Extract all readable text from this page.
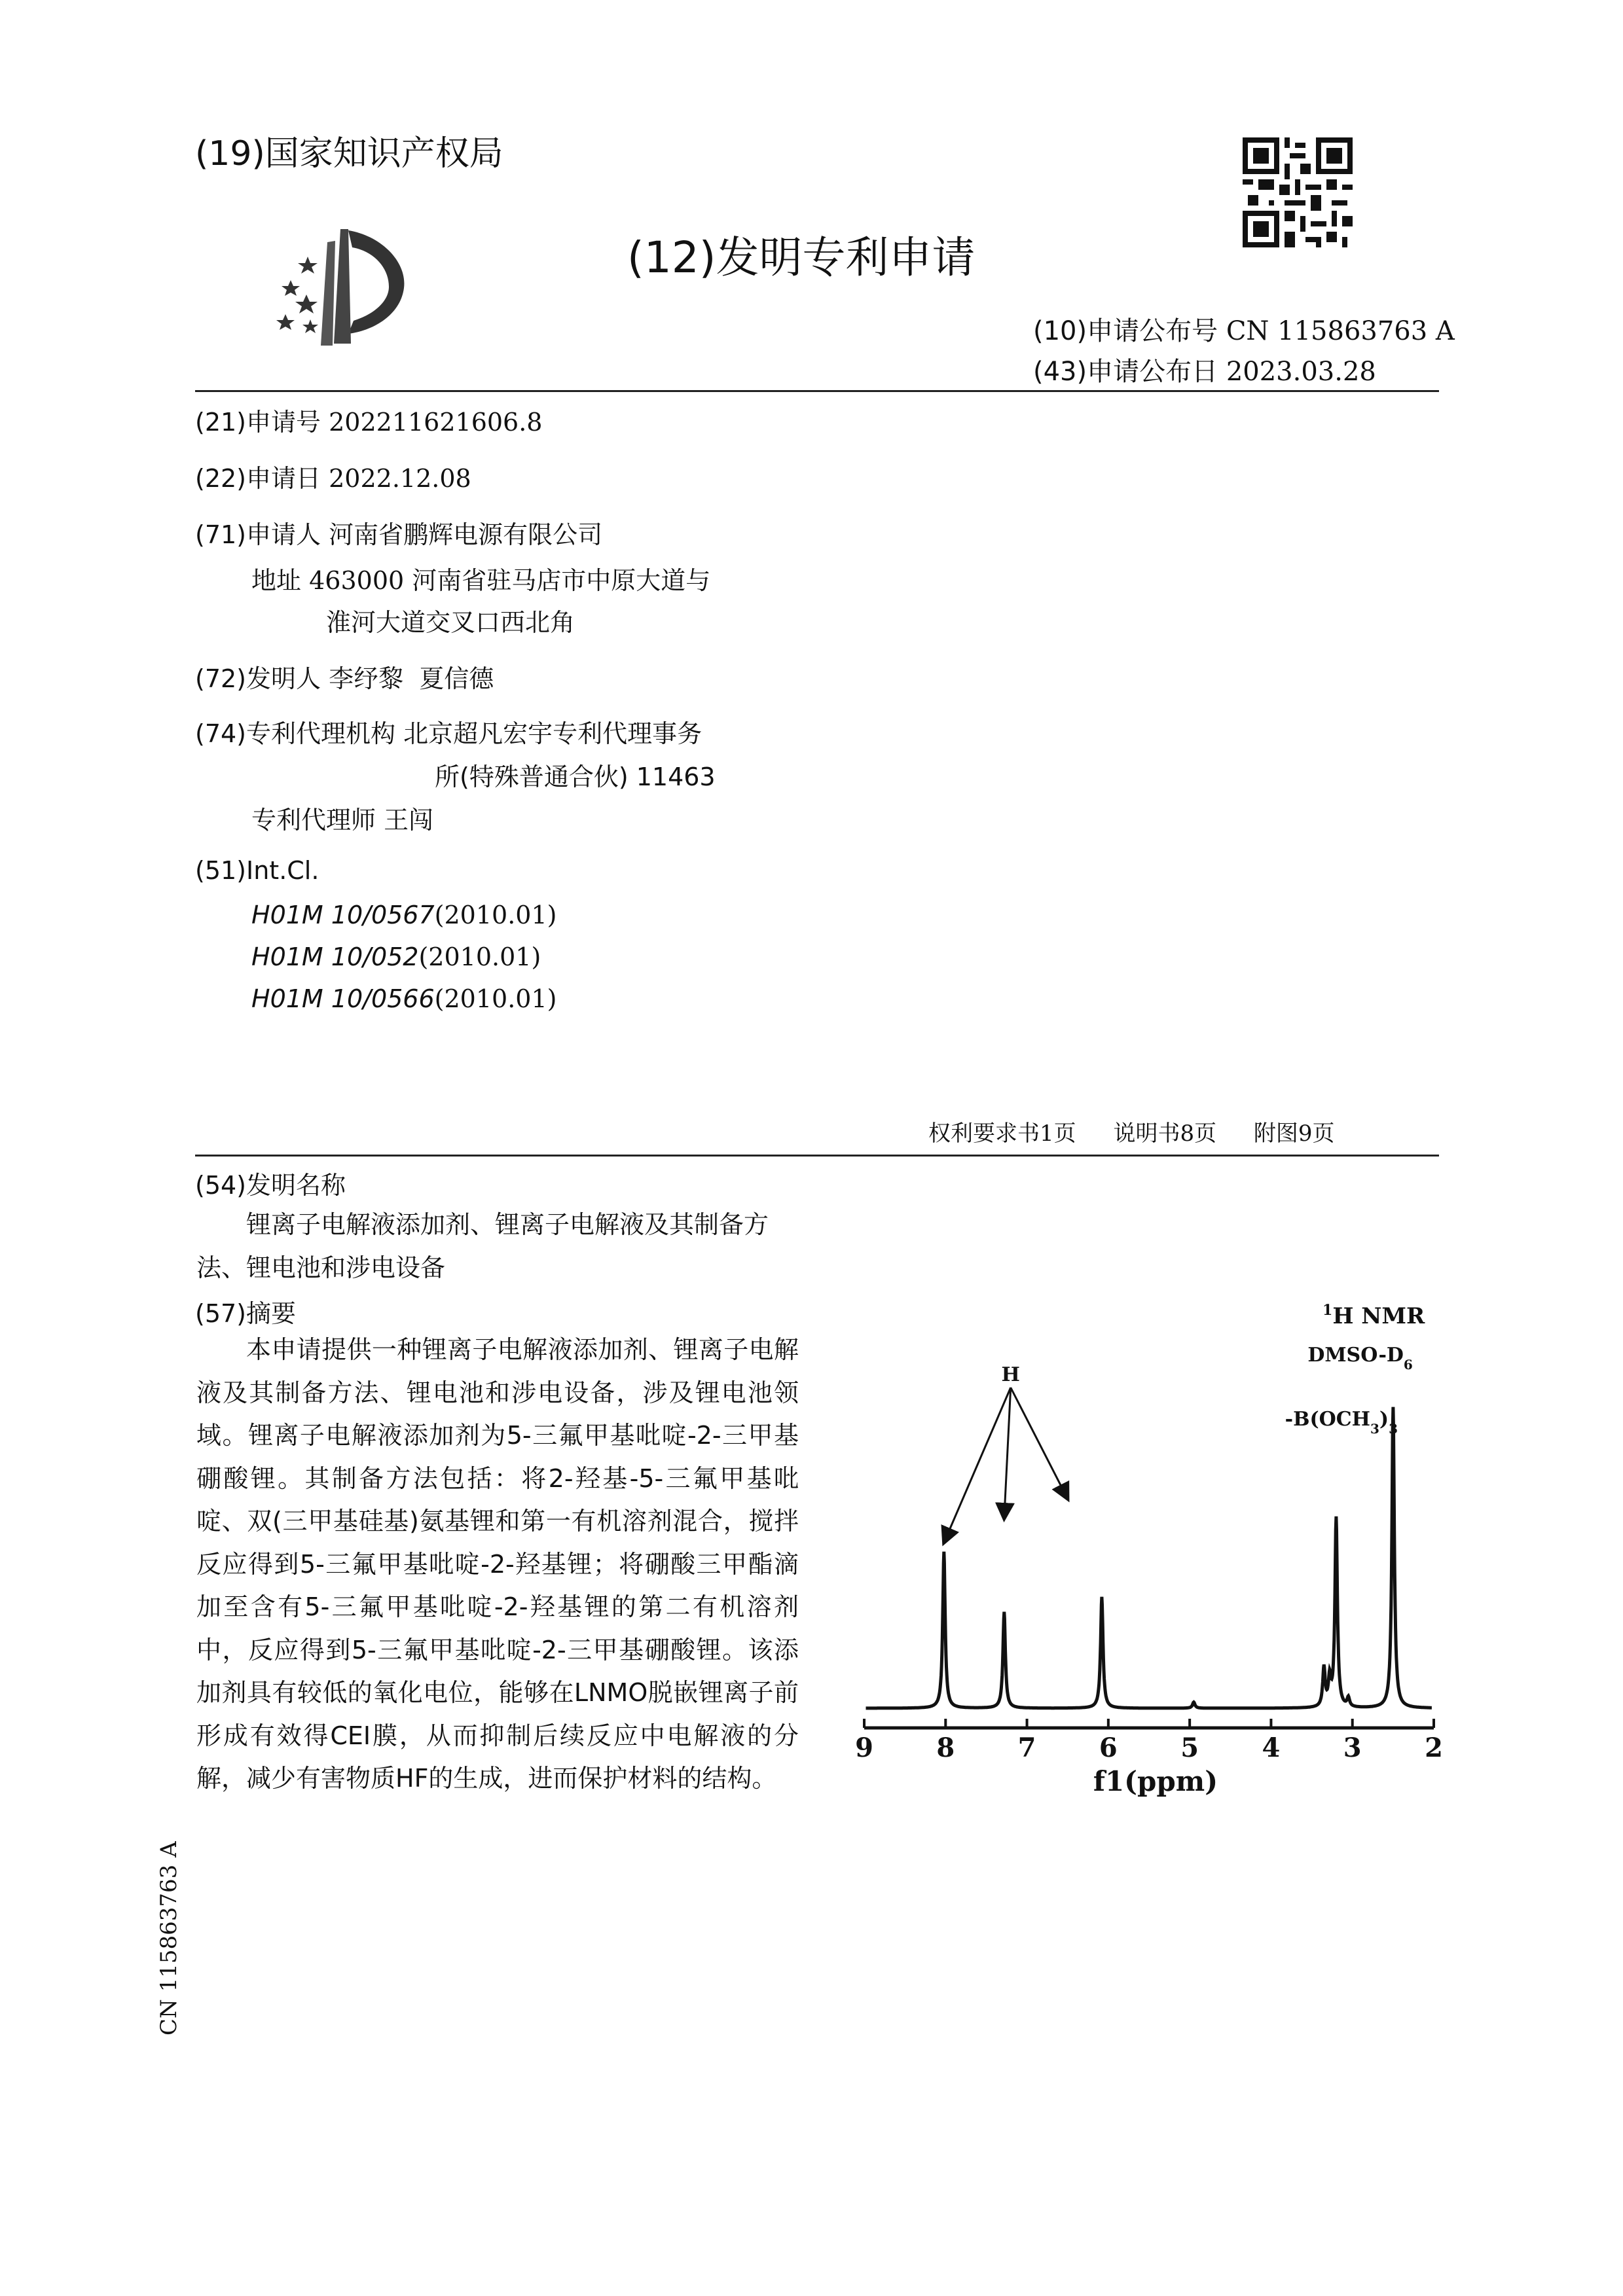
(19)国家知识产权局
(12)发明专利申请
(10)申请公布号 CN 115863763 A
(43)申请公布日 2023.03.28
(21)申请号 202211621606.8
(22)申请日 2022.12.08
(71)申请人 河南省鹏辉电源有限公司
地址 463000 河南省驻马店市中原大道与
淮河大道交叉口西北角
(72)发明人 李纾黎  夏信德
(74)专利代理机构 北京超凡宏宇专利代理事务
所(特殊普通合伙) 11463
专利代理师 王闯
(51)Int.Cl.
H01M 10/0567(2010.01)
H01M 10/052(2010.01)
H01M 10/0566(2010.01)
权利要求书1页 说明书8页 附图9页
(54)发明名称
锂离子电解液添加剂、锂离子电解液及其制备方法、锂电池和涉电设备
(57)摘要
本申请提供一种锂离子电解液添加剂、锂离子电解液及其制备方法、锂电池和涉电设备，涉及锂电池领域。锂离子电解液添加剂为5-三氟甲基吡啶-2-三甲基硼酸锂。其制备方法包括：将2-羟基-5-三氟甲基吡啶、双(三甲基硅基)氨基锂和第一有机溶剂混合，搅拌反应得到5-三氟甲基吡啶-2-羟基锂；将硼酸三甲酯滴加至含有5-三氟甲基吡啶-2-羟基锂的第二有机溶剂中，反应得到5-三氟甲基吡啶-2-三甲基硼酸锂。该添加剂具有较低的氧化电位，能够在LNMO脱嵌锂离子前形成有效得CEI膜，从而抑制后续反应中电解液的分解，减少有害物质HF的生成，进而保护材料的结构。
CN 115863763 A
$^1$H NMR
H
$-B(OCH_3)_3$
DMSO-$D_6$
9 8 7 6 5 4 3 2
f1(ppm)
